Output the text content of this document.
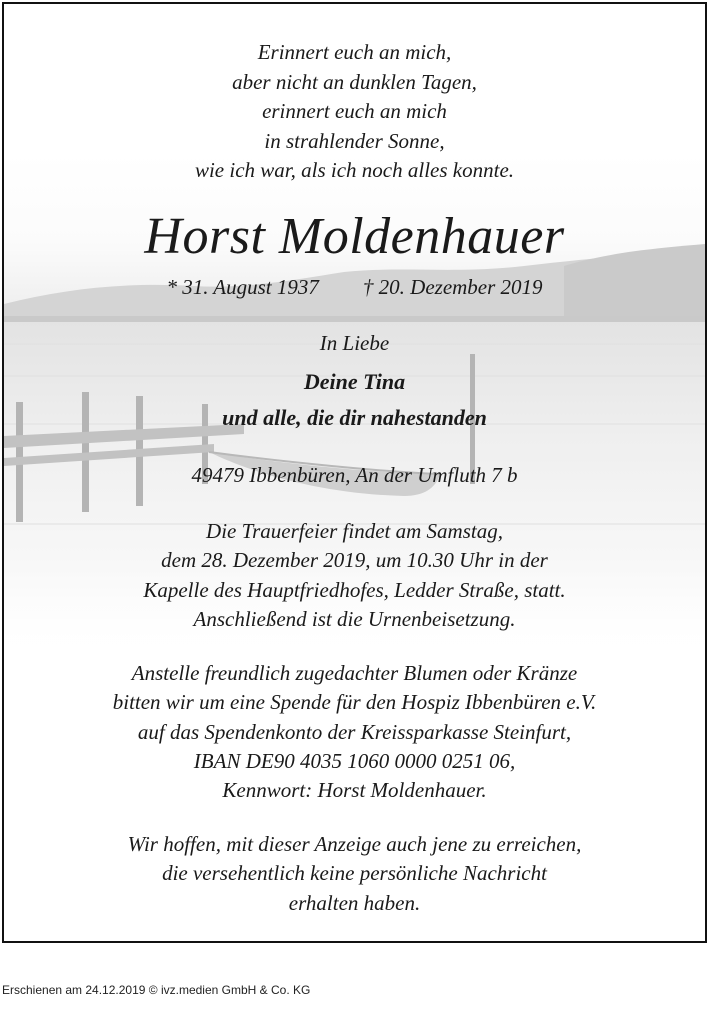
Erinnert euch an mich,
aber nicht an dunklen Tagen,
erinnert euch an mich
in strahlender Sonne,
wie ich war, als ich noch alles konnte.
Horst Moldenhauer
* 31. August 1937 † 20. Dezember 2019
In Liebe
Deine Tina
und alle, die dir nahestanden
49479 Ibbenbüren, An der Umfluth 7 b
Die Trauerfeier findet am Samstag,
dem 28. Dezember 2019, um 10.30 Uhr in der
Kapelle des Hauptfriedhofes, Ledder Straße, statt.
Anschließend ist die Urnenbeisetzung.
Anstelle freundlich zugedachter Blumen oder Kränze
bitten wir um eine Spende für den Hospiz Ibbenbüren e.V.
auf das Spendenkonto der Kreissparkasse Steinfurt,
IBAN DE90 4035 1060 0000 0251 06,
Kennwort: Horst Moldenhauer.
Wir hoffen, mit dieser Anzeige auch jene zu erreichen,
die versehentlich keine persönliche Nachricht
erhalten haben.
Erschienen am 24.12.2019 © ivz.medien GmbH & Co. KG
